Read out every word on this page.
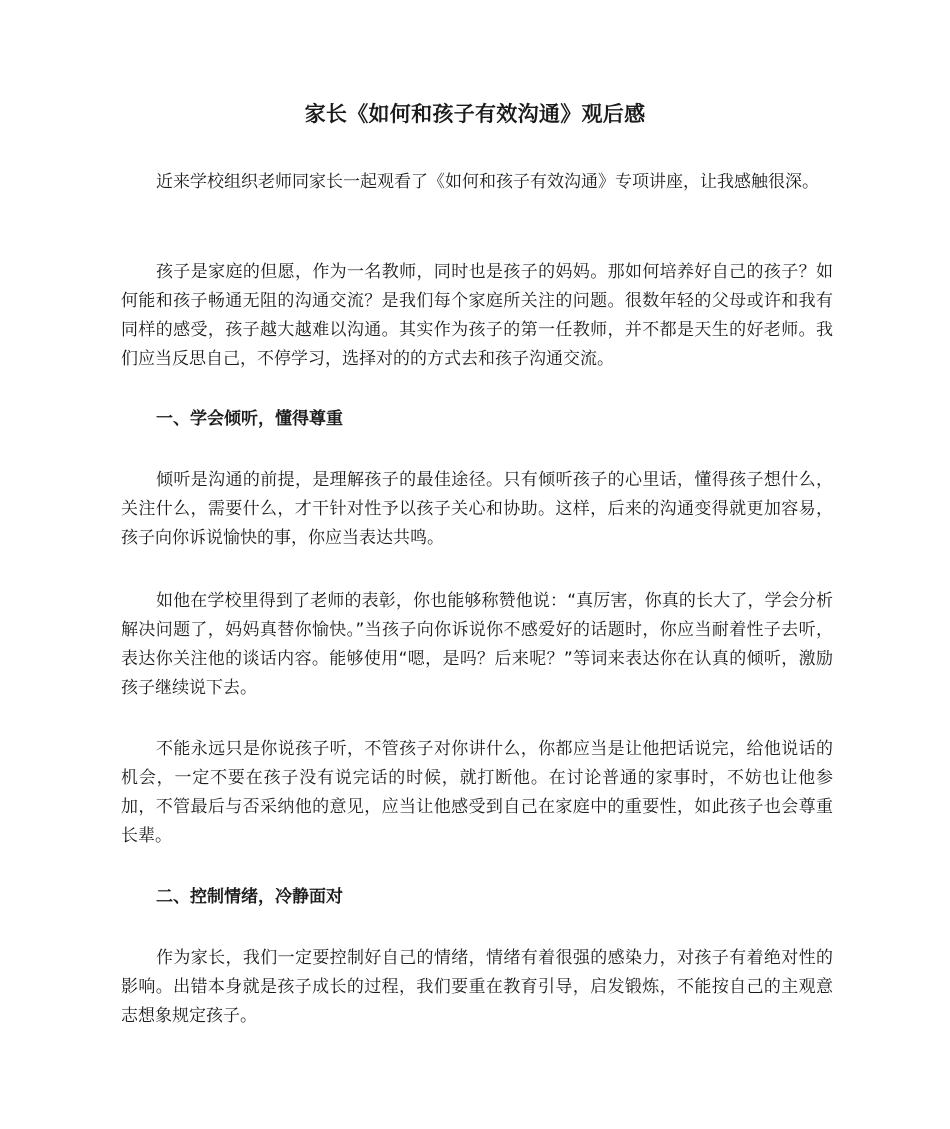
家长《如何和孩子有效沟通》观后感
近来学校组织老师同家长一起观看了《如何和孩子有效沟通》专项讲座，让我感触很深。
孩子是家庭的但愿，作为一名教师，同时也是孩子的妈妈。那如何培养好自己的孩子？如何能和孩子畅通无阻的沟通交流？是我们每个家庭所关注的问题。很数年轻的父母或许和我有同样的感受，孩子越大越难以沟通。其实作为孩子的第一任教师，并不都是天生的好老师。我们应当反思自己，不停学习，选择对的的方式去和孩子沟通交流。
一、学会倾听，懂得尊重
倾听是沟通的前提，是理解孩子的最佳途径。只有倾听孩子的心里话，懂得孩子想什么，关注什么，需要什么，才干针对性予以孩子关心和协助。这样，后来的沟通变得就更加容易，孩子向你诉说愉快的事，你应当表达共鸣。
如他在学校里得到了老师的表彰，你也能够称赞他说：“真厉害，你真的长大了，学会分析解决问题了，妈妈真替你愉快。”当孩子向你诉说你不感爱好的话题时，你应当耐着性子去听，表达你关注他的谈话内容。能够使用“嗯，是吗？后来呢？”等词来表达你在认真的倾听，激励孩子继续说下去。
不能永远只是你说孩子听，不管孩子对你讲什么，你都应当是让他把话说完，给他说话的机会，一定不要在孩子没有说完话的时候，就打断他。在讨论普通的家事时，不妨也让他参加，不管最后与否采纳他的意见，应当让他感受到自己在家庭中的重要性，如此孩子也会尊重长辈。
二、控制情绪，冷静面对
作为家长，我们一定要控制好自己的情绪，情绪有着很强的感染力，对孩子有着绝对性的影响。出错本身就是孩子成长的过程，我们要重在教育引导，启发锻炼，不能按自己的主观意志想象规定孩子。
